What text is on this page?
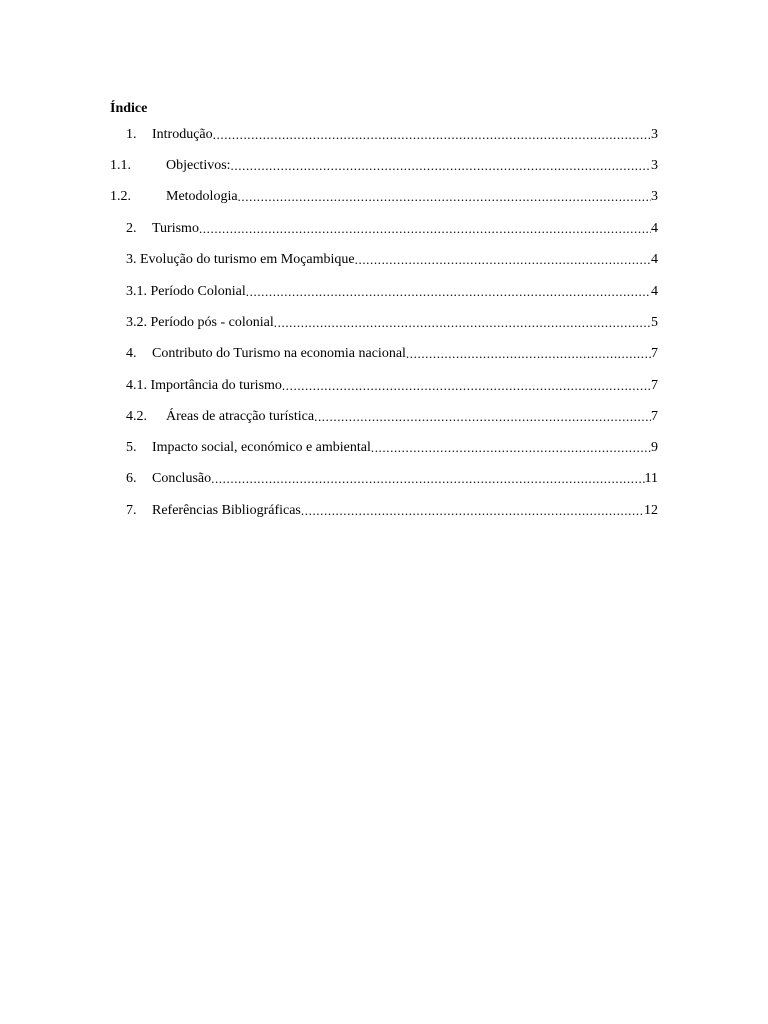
Índice
1.	Introdução .....	3
1.1.	Objectivos: .....	3
1.2.	Metodologia .....	3
2.	Turismo .....	4
3. Evolução do turismo em Moçambique .....	4
3.1. Período Colonial .....	4
3.2. Período pós - colonial .....	5
4.	Contributo do Turismo na economia nacional .....	7
4.1. Importância do turismo .....	7
4.2.	Áreas de atracção turística .....	7
5.	Impacto social, económico e ambiental .....	9
6.	Conclusão .....	11
7.	Referências Bibliográficas .....	12
